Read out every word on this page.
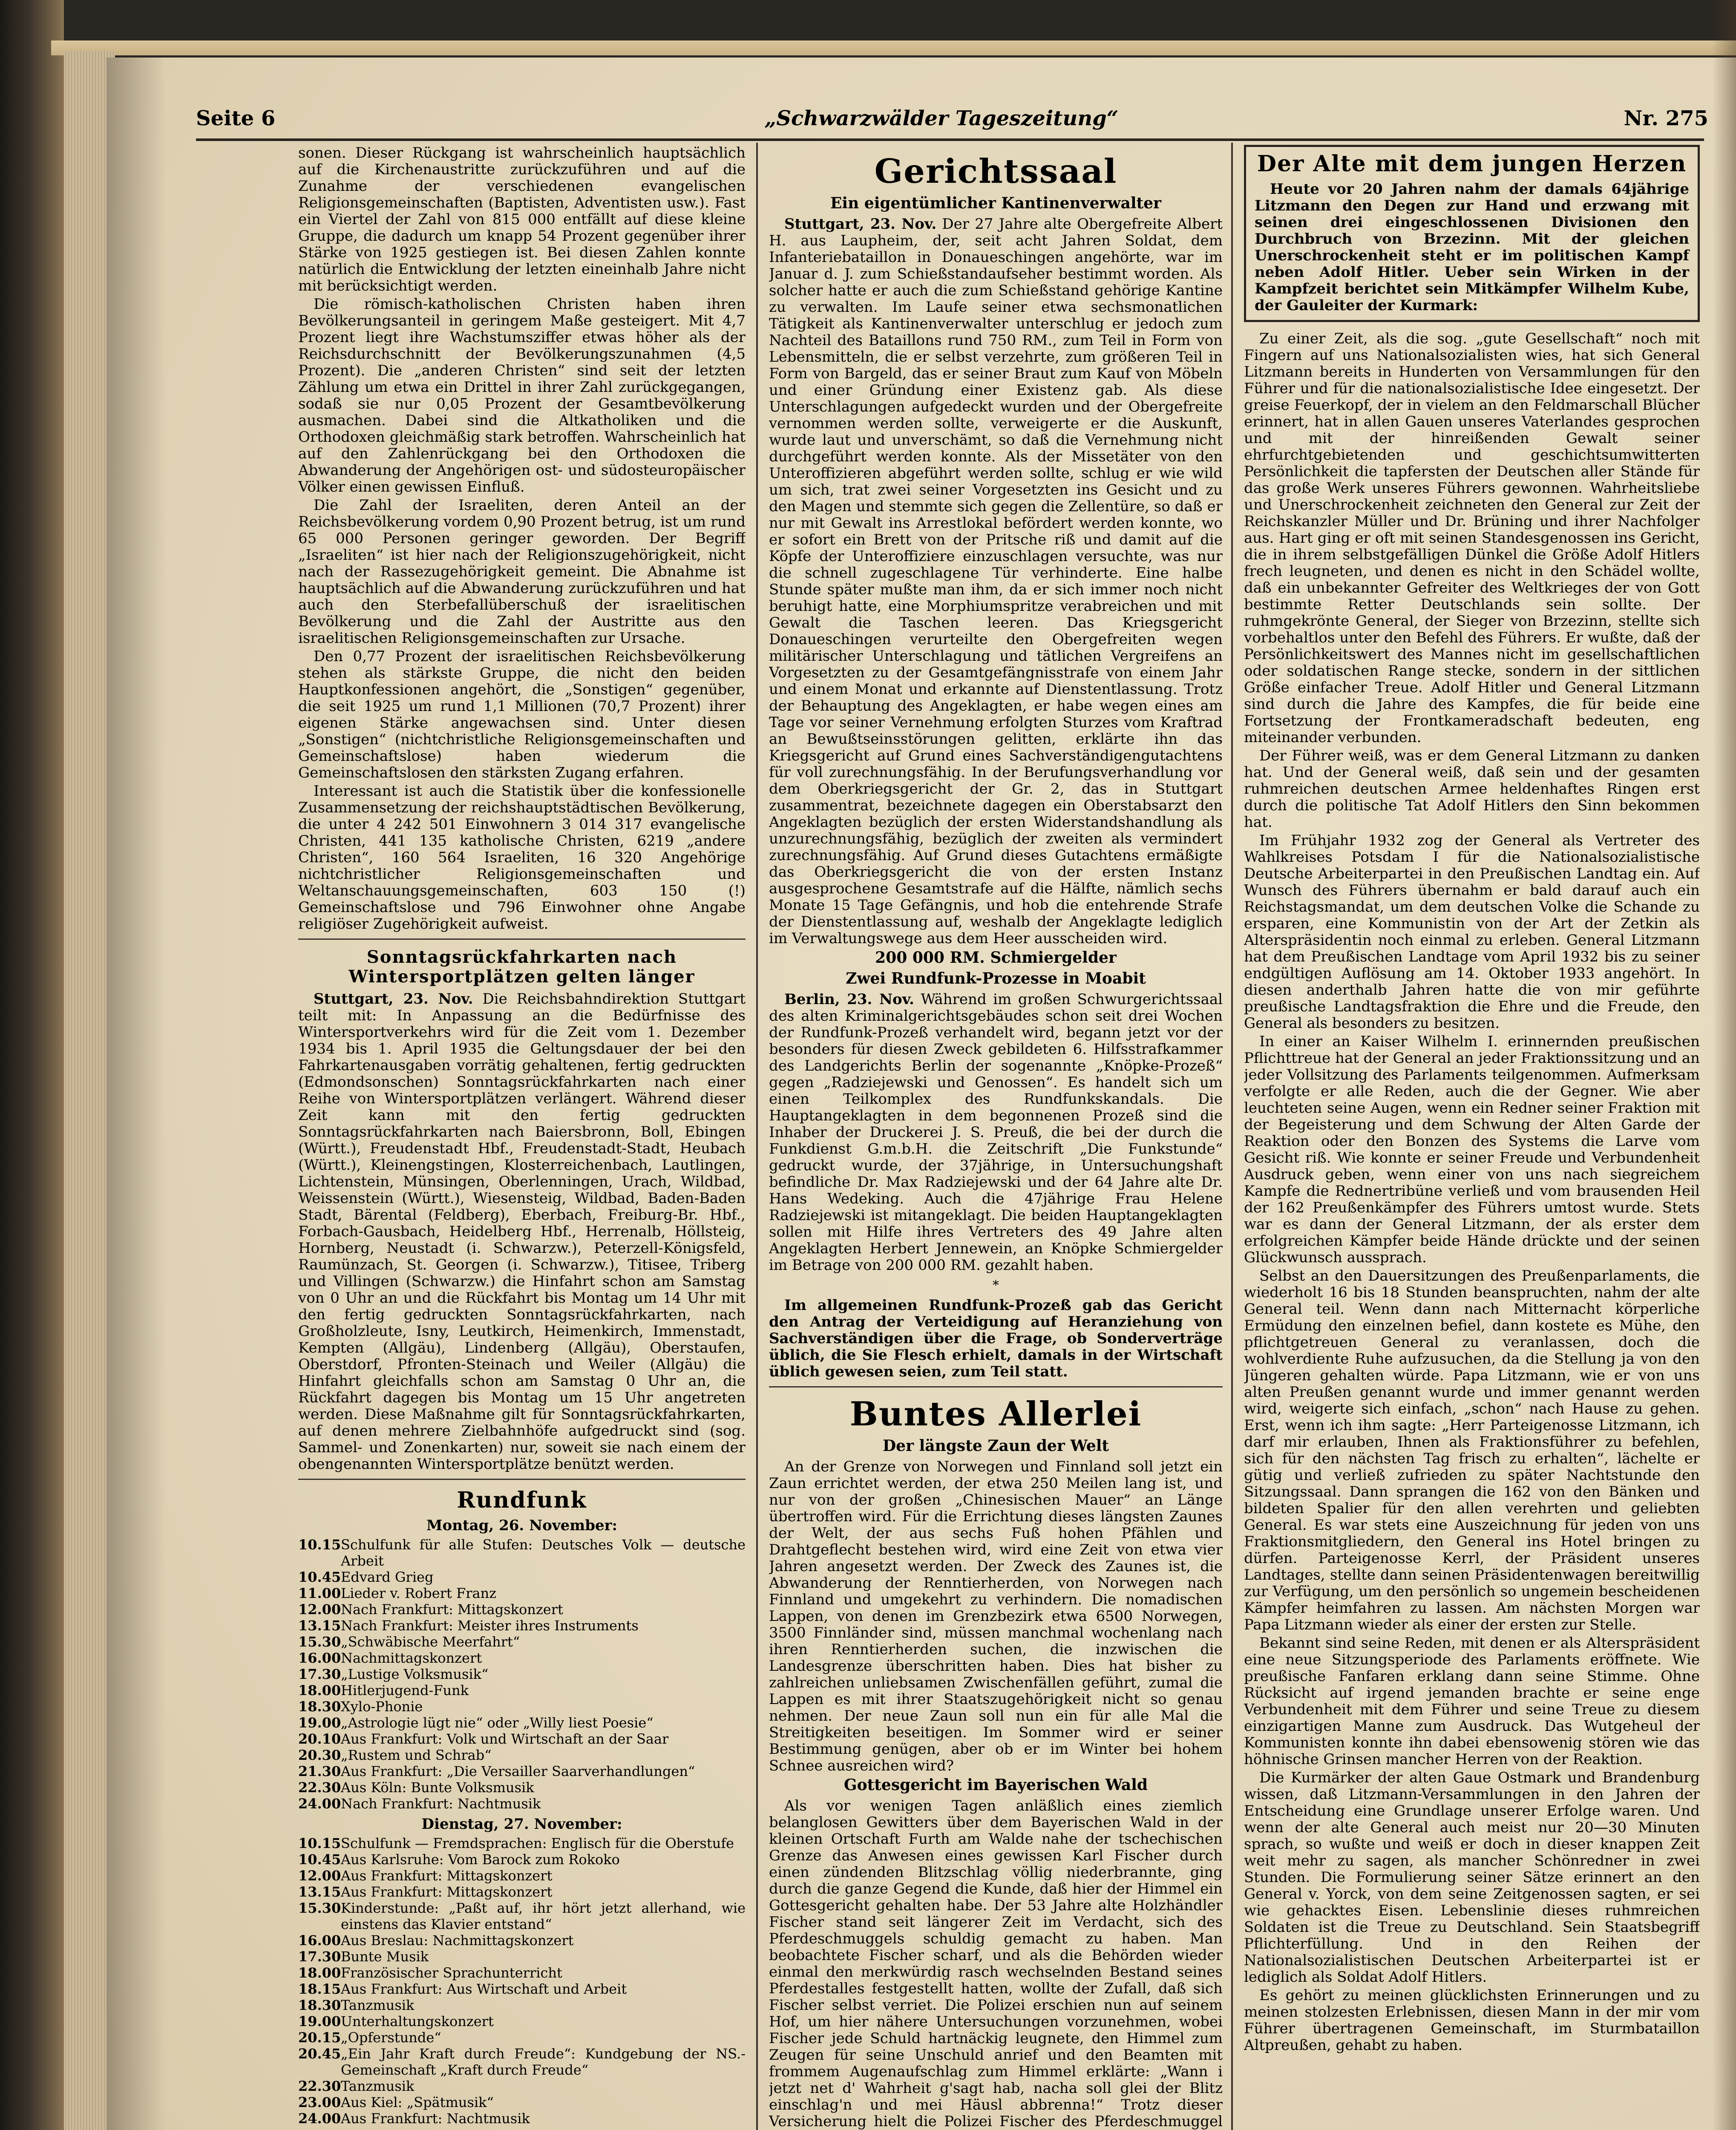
Seite 6	„Schwarzwälder Tageszeitung“	Nr. 275

sonen. Dieser Rückgang ist wahrscheinlich hauptsächlich auf die Kirchenaustritte zurückzuführen und auf die Zunahme der verschiedenen evangelischen Religionsgemeinschaften (Baptisten, Adventisten usw.). Fast ein Viertel der Zahl von 815 000 entfällt auf diese kleine Gruppe, die dadurch um knapp 54 Prozent gegenüber ihrer Stärke von 1925 gestiegen ist. Bei diesen Zahlen konnte natürlich die Entwicklung der letzten eineinhalb Jahre nicht mit berücksichtigt werden.

Die römisch-katholischen Christen haben ihren Bevölkerungsanteil in geringem Maße gesteigert. Mit 4,7 Prozent liegt ihre Wachstumsziffer etwas höher als der Reichsdurchschnitt der Bevölkerungszunahmen (4,5 Prozent). Die „anderen Christen“ sind seit der letzten Zählung um etwa ein Drittel in ihrer Zahl zurückgegangen, sodaß sie nur 0,05 Prozent der Gesamtbevölkerung ausmachen. Dabei sind die Altkatholiken und die Orthodoxen gleichmäßig stark betroffen. Wahrscheinlich hat auf den Zahlenrückgang bei den Orthodoxen die Abwanderung der Angehörigen ost- und südosteuropäischer Völker einen gewissen Einfluß.

Die Zahl der Israeliten, deren Anteil an der Reichsbevölkerung vordem 0,90 Prozent betrug, ist um rund 65 000 Personen geringer geworden. Der Begriff „Israeliten“ ist hier nach der Religionszugehörigkeit, nicht nach der Rassezugehörigkeit gemeint. Die Abnahme ist hauptsächlich auf die Abwanderung zurückzuführen und hat auch den Sterbefallüberschuß der israelitischen Bevölkerung und die Zahl der Austritte aus den israelitischen Religionsgemeinschaften zur Ursache.

Den 0,77 Prozent der israelitischen Reichsbevölkerung stehen als stärkste Gruppe, die nicht den beiden Hauptkonfessionen angehört, die „Sonstigen“ gegenüber, die seit 1925 um rund 1,1 Millionen (70,7 Prozent) ihrer eigenen Stärke angewachsen sind. Unter diesen „Sonstigen“ (nichtchristliche Religionsgemeinschaften und Gemeinschaftslose) haben wiederum die Gemeinschaftslosen den stärksten Zugang erfahren.

Interessant ist auch die Statistik über die konfessionelle Zusammensetzung der reichshauptstädtischen Bevölkerung, die unter 4 242 501 Einwohnern 3 014 317 evangelische Christen, 441 135 katholische Christen, 6219 „andere Christen“, 160 564 Israeliten, 16 320 Angehörige nichtchristlicher Religionsgemeinschaften und Weltanschauungsgemeinschaften, 603 150 (!) Gemeinschaftslose und 796 Einwohner ohne Angabe religiöser Zugehörigkeit aufweist.

Sonntagsrückfahrkarten nach Wintersportplätzen gelten länger

Stuttgart, 23. Nov. Die Reichsbahndirektion Stuttgart teilt mit: In Anpassung an die Bedürfnisse des Wintersportverkehrs wird für die Zeit vom 1. Dezember 1934 bis 1. April 1935 die Geltungsdauer der bei den Fahrkartenausgaben vorrätig gehaltenen, fertig gedruckten (Edmondsonschen) Sonntagsrückfahrkarten nach einer Reihe von Wintersportplätzen verlängert. Während dieser Zeit kann mit den fertig gedruckten Sonntagsrückfahrkarten nach Baiersbronn, Boll, Ebingen (Württ.), Freudenstadt Hbf., Freudenstadt-Stadt, Heubach (Württ.), Kleinengstingen, Klosterreichenbach, Lautlingen, Lichtenstein, Münsingen, Oberlenningen, Urach, Wildbad, Weissenstein (Württ.), Wiesensteig, Wildbad, Baden-Baden Stadt, Bärental (Feldberg), Eberbach, Freiburg-Br. Hbf., Forbach-Gausbach, Heidelberg Hbf., Herrenalb, Höllsteig, Hornberg, Neustadt (i. Schwarzw.), Peterzell-Königsfeld, Raumünzach, St. Georgen (i. Schwarzw.), Titisee, Triberg und Villingen (Schwarzw.) die Hinfahrt schon am Samstag von 0 Uhr an und die Rückfahrt bis Montag um 14 Uhr mit den fertig gedruckten Sonntagsrückfahrkarten, nach Großholzleute, Isny, Leutkirch, Heimenkirch, Immenstadt, Kempten (Allgäu), Lindenberg (Allgäu), Oberstaufen, Oberstdorf, Pfronten-Steinach und Weiler (Allgäu) die Hinfahrt gleichfalls schon am Samstag 0 Uhr an, die Rückfahrt dagegen bis Montag um 15 Uhr angetreten werden. Diese Maßnahme gilt für Sonntagsrückfahrkarten, auf denen mehrere Zielbahnhöfe aufgedruckt sind (sog. Sammel- und Zonenkarten) nur, soweit sie nach einem der obengenannten Wintersportplätze benützt werden.

Rundfunk
Montag, 26. November:
10.15 Schulfunk für alle Stufen: Deutsches Volk — deutsche Arbeit
10.45 Edvard Grieg
11.00 Lieder v. Robert Franz
12.00 Nach Frankfurt: Mittagskonzert
13.15 Nach Frankfurt: Meister ihres Instruments
15.30 „Schwäbische Meerfahrt“
16.00 Nachmittagskonzert
17.30 „Lustige Volksmusik“
18.00 Hitlerjugend-Funk
18.30 Xylo-Phonie
19.00 „Astrologie lügt nie“ oder „Willy liest Poesie“
20.10 Aus Frankfurt: Volk und Wirtschaft an der Saar
20.30 „Rustem und Schrab“
21.30 Aus Frankfurt: „Die Versailler Saarverhandlungen“
22.30 Aus Köln: Bunte Volksmusik
24.00 Nach Frankfurt: Nachtmusik
Dienstag, 27. November:
10.15 Schulfunk — Fremdsprachen: Englisch für die Oberstufe
10.45 Aus Karlsruhe: Vom Barock zum Rokoko
12.00 Aus Frankfurt: Mittagskonzert
13.15 Aus Frankfurt: Mittagskonzert
15.30 Kinderstunde: „Paßt auf, ihr hört jetzt allerhand, wie einstens das Klavier entstand“
16.00 Aus Breslau: Nachmittagskonzert
17.30 Bunte Musik
18.00 Französischer Sprachunterricht
18.15 Aus Frankfurt: Aus Wirtschaft und Arbeit
18.30 Tanzmusik
19.00 Unterhaltungskonzert
20.15 „Opferstunde“
20.45 „Ein Jahr Kraft durch Freude“: Kundgebung der NS.-Gemeinschaft „Kraft durch Freude“
22.30 Tanzmusik
23.00 Aus Kiel: „Spätmusik“
24.00 Aus Frankfurt: Nachtmusik
Gerichtssaal
Ein eigentümlicher Kantinenverwalter

Stuttgart, 23. Nov. Der 27 Jahre alte Obergefreite Albert H. aus Laupheim, der, seit acht Jahren Soldat, dem Infanteriebataillon in Donaueschingen angehörte, war im Januar d. J. zum Schießstandaufseher bestimmt worden. Als solcher hatte er auch die zum Schießstand gehörige Kantine zu verwalten. Im Laufe seiner etwa sechsmonatlichen Tätigkeit als Kantinenverwalter unterschlug er jedoch zum Nachteil des Bataillons rund 750 RM., zum Teil in Form von Lebensmitteln, die er selbst verzehrte, zum größeren Teil in Form von Bargeld, das er seiner Braut zum Kauf von Möbeln und einer Gründung einer Existenz gab. Als diese Unterschlagungen aufgedeckt wurden und der Obergefreite vernommen werden sollte, verweigerte er die Auskunft, wurde laut und unverschämt, so daß die Vernehmung nicht durchgeführt werden konnte. Als der Missetäter von den Unteroffizieren abgeführt werden sollte, schlug er wie wild um sich, trat zwei seiner Vorgesetzten ins Gesicht und zu den Magen und stemmte sich gegen die Zellentüre, so daß er nur mit Gewalt ins Arrestlokal befördert werden konnte, wo er sofort ein Brett von der Pritsche riß und damit auf die Köpfe der Unteroffiziere einzuschlagen versuchte, was nur die schnell zugeschlagene Tür verhinderte. Eine halbe Stunde später mußte man ihm, da er sich immer noch nicht beruhigt hatte, eine Morphiumspritze verabreichen und mit Gewalt die Taschen leeren. Das Kriegsgericht Donaueschingen verurteilte den Obergefreiten wegen militärischer Unterschlagung und tätlichen Vergreifens an Vorgesetzten zu der Gesamtgefängnisstrafe von einem Jahr und einem Monat und erkannte auf Dienstentlassung. Trotz der Behauptung des Angeklagten, er habe wegen eines am Tage vor seiner Vernehmung erfolgten Sturzes vom Kraftrad an Bewußtseinsstörungen gelitten, erklärte ihn das Kriegsgericht auf Grund eines Sachverständigengutachtens für voll zurechnungsfähig. In der Berufungsverhandlung vor dem Oberkriegsgericht der Gr. 2, das in Stuttgart zusammentrat, bezeichnete dagegen ein Oberstabsarzt den Angeklagten bezüglich der ersten Widerstandshandlung als unzurechnungsfähig, bezüglich der zweiten als vermindert zurechnungsfähig. Auf Grund dieses Gutachtens ermäßigte das Oberkriegsgericht die von der ersten Instanz ausgesprochene Gesamtstrafe auf die Hälfte, nämlich sechs Monate 15 Tage Gefängnis, und hob die entehrende Strafe der Dienstentlassung auf, weshalb der Angeklagte lediglich im Verwaltungswege aus dem Heer ausscheiden wird.

200 000 RM. Schmiergelder
Zwei Rundfunk-Prozesse in Moabit

Berlin, 23. Nov. Während im großen Schwurgerichtssaal des alten Kriminalgerichtsgebäudes schon seit drei Wochen der Rundfunk-Prozeß verhandelt wird, begann jetzt vor der besonders für diesen Zweck gebildeten 6. Hilfsstrafkammer des Landgerichts Berlin der sogenannte „Knöpke-Prozeß“ gegen „Radziejewski und Genossen“. Es handelt sich um einen Teilkomplex des Rundfunkskandals. Die Hauptangeklagten in dem begonnenen Prozeß sind die Inhaber der Druckerei J. S. Preuß, die bei der durch die Funkdienst G.m.b.H. die Zeitschrift „Die Funkstunde“ gedruckt wurde, der 37jährige, in Untersuchungshaft befindliche Dr. Max Radziejewski und der 64 Jahre alte Dr. Hans Wedeking. Auch die 47jährige Frau Helene Radziejewski ist mitangeklagt. Die beiden Hauptangeklagten sollen mit Hilfe ihres Vertreters des 49 Jahre alten Angeklagten Herbert Jennewein, an Knöpke Schmiergelder im Betrage von 200 000 RM. gezahlt haben.

*

Im allgemeinen Rundfunk-Prozeß gab das Gericht den Antrag der Verteidigung auf Heranziehung von Sachverständigen über die Frage, ob Sonderverträge üblich, die Sie Flesch erhielt, damals in der Wirtschaft üblich gewesen seien, zum Teil statt.

Buntes Allerlei
Der längste Zaun der Welt

An der Grenze von Norwegen und Finnland soll jetzt ein Zaun errichtet werden, der etwa 250 Meilen lang ist, und nur von der großen „Chinesischen Mauer“ an Länge übertroffen wird. Für die Errichtung dieses längsten Zaunes der Welt, der aus sechs Fuß hohen Pfählen und Drahtgeflecht bestehen wird, wird eine Zeit von etwa vier Jahren angesetzt werden. Der Zweck des Zaunes ist, die Abwanderung der Renntierherden, von Norwegen nach Finnland und umgekehrt zu verhindern. Die nomadischen Lappen, von denen im Grenzbezirk etwa 6500 Norwegen, 3500 Finnländer sind, müssen manchmal wochenlang nach ihren Renntierherden suchen, die inzwischen die Landesgrenze überschritten haben. Dies hat bisher zu zahlreichen unliebsamen Zwischenfällen geführt, zumal die Lappen es mit ihrer Staatszugehörigkeit nicht so genau nehmen. Der neue Zaun soll nun ein für alle Mal die Streitigkeiten beseitigen. Im Sommer wird er seiner Bestimmung genügen, aber ob er im Winter bei hohem Schnee ausreichen wird?

Gottesgericht im Bayerischen Wald

Als vor wenigen Tagen anläßlich eines ziemlich belanglosen Gewitters über dem Bayerischen Wald in der kleinen Ortschaft Furth am Walde nahe der tschechischen Grenze das Anwesen eines gewissen Karl Fischer durch einen zündenden Blitzschlag völlig niederbrannte, ging durch die ganze Gegend die Kunde, daß hier der Himmel ein Gottesgericht gehalten habe. Der 53 Jahre alte Holzhändler Fischer stand seit längerer Zeit im Verdacht, sich des Pferdeschmuggels schuldig gemacht zu haben. Man beobachtete Fischer scharf, und als die Behörden wieder einmal den merkwürdig rasch wechselnden Bestand seines Pferdestalles festgestellt hatten, wollte der Zufall, daß sich Fischer selbst verriet. Die Polizei erschien nun auf seinem Hof, um hier nähere Untersuchungen vorzunehmen, wobei Fischer jede Schuld hartnäckig leugnete, den Himmel zum Zeugen für seine Unschuld anrief und den Beamten mit frommem Augenaufschlag zum Himmel erklärte: „Wann i jetzt net d' Wahrheit g'sagt hab, nacha soll glei der Blitz einschlag'n und mei Häusl abbrenna!“ Trotz dieser Versicherung hielt die Polizei Fischer des Pferdeschmuggel

Der Alte mit dem jungen Herzen

Heute vor 20 Jahren nahm der damals 64jährige Litzmann den Degen zur Hand und erzwang mit seinen drei eingeschlossenen Divisionen den Durchbruch von Brzezinn. Mit der gleichen Unerschrockenheit steht er im politischen Kampf neben Adolf Hitler. Ueber sein Wirken in der Kampfzeit berichtet sein Mitkämpfer Wilhelm Kube, der Gauleiter der Kurmark:

Zu einer Zeit, als die sog. „gute Gesellschaft“ noch mit Fingern auf uns Nationalsozialisten wies, hat sich General Litzmann bereits in Hunderten von Versammlungen für den Führer und für die nationalsozialistische Idee eingesetzt. Der greise Feuerkopf, der in vielem an den Feldmarschall Blücher erinnert, hat in allen Gauen unseres Vaterlandes gesprochen und mit der hinreißenden Gewalt seiner ehrfurchtgebietenden und geschichtsumwitterten Persönlichkeit die tapfersten der Deutschen aller Stände für das große Werk unseres Führers gewonnen. Wahrheitsliebe und Unerschrockenheit zeichneten den General zur Zeit der Reichskanzler Müller und Dr. Brüning und ihrer Nachfolger aus. Hart ging er oft mit seinen Standesgenossen ins Gericht, die in ihrem selbstgefälligen Dünkel die Größe Adolf Hitlers frech leugneten, und denen es nicht in den Schädel wollte, daß ein unbekannter Gefreiter des Weltkrieges der von Gott bestimmte Retter Deutschlands sein sollte. Der ruhmgekrönte General, der Sieger von Brzezinn, stellte sich vorbehaltlos unter den Befehl des Führers. Er wußte, daß der Persönlichkeitswert des Mannes nicht im gesellschaftlichen oder soldatischen Range stecke, sondern in der sittlichen Größe einfacher Treue. Adolf Hitler und General Litzmann sind durch die Jahre des Kampfes, die für beide eine Fortsetzung der Frontkameradschaft bedeuten, eng miteinander verbunden.

Der Führer weiß, was er dem General Litzmann zu danken hat. Und der General weiß, daß sein und der gesamten ruhmreichen deutschen Armee heldenhaftes Ringen erst durch die politische Tat Adolf Hitlers den Sinn bekommen hat.

Im Frühjahr 1932 zog der General als Vertreter des Wahlkreises Potsdam I für die Nationalsozialistische Deutsche Arbeiterpartei in den Preußischen Landtag ein. Auf Wunsch des Führers übernahm er bald darauf auch ein Reichstagsmandat, um dem deutschen Volke die Schande zu ersparen, eine Kommunistin von der Art der Zetkin als Alterspräsidentin noch einmal zu erleben. General Litzmann hat dem Preußischen Landtage vom April 1932 bis zu seiner endgültigen Auflösung am 14. Oktober 1933 angehört. In diesen anderthalb Jahren hatte die von mir geführte preußische Landtagsfraktion die Ehre und die Freude, den General als besonders zu besitzen.

In einer an Kaiser Wilhelm I. erinnernden preußischen Pflichttreue hat der General an jeder Fraktionssitzung und an jeder Vollsitzung des Parlaments teilgenommen. Aufmerksam verfolgte er alle Reden, auch die der Gegner. Wie aber leuchteten seine Augen, wenn ein Redner seiner Fraktion mit der Begeisterung und dem Schwung der Alten Garde der Reaktion oder den Bonzen des Systems die Larve vom Gesicht riß. Wie konnte er seiner Freude und Verbundenheit Ausdruck geben, wenn einer von uns nach siegreichem Kampfe die Rednertribüne verließ und vom brausenden Heil der 162 Preußenkämpfer des Führers umtost wurde. Stets war es dann der General Litzmann, der als erster dem erfolgreichen Kämpfer beide Hände drückte und der seinen Glückwunsch aussprach.

Selbst an den Dauersitzungen des Preußenparlaments, die wiederholt 16 bis 18 Stunden beanspruchten, nahm der alte General teil. Wenn dann nach Mitternacht körperliche Ermüdung den einzelnen befiel, dann kostete es Mühe, den pflichtgetreuen General zu veranlassen, doch die wohlverdiente Ruhe aufzusuchen, da die Stellung ja von den Jüngeren gehalten würde. Papa Litzmann, wie er von uns alten Preußen genannt wurde und immer genannt werden wird, weigerte sich einfach, „schon“ nach Hause zu gehen. Erst, wenn ich ihm sagte: „Herr Parteigenosse Litzmann, ich darf mir erlauben, Ihnen als Fraktionsführer zu befehlen, sich für den nächsten Tag frisch zu erhalten“, lächelte er gütig und verließ zufrieden zu später Nachtstunde den Sitzungssaal. Dann sprangen die 162 von den Bänken und bildeten Spalier für den allen verehrten und geliebten General. Es war stets eine Auszeichnung für jeden von uns Fraktionsmitgliedern, den General ins Hotel bringen zu dürfen. Parteigenosse Kerrl, der Präsident unseres Landtages, stellte dann seinen Präsidentenwagen bereitwillig zur Verfügung, um den persönlich so ungemein bescheidenen Kämpfer heimfahren zu lassen. Am nächsten Morgen war Papa Litzmann wieder als einer der ersten zur Stelle.

Bekannt sind seine Reden, mit denen er als Alterspräsident eine neue Sitzungsperiode des Parlaments eröffnete. Wie preußische Fanfaren erklang dann seine Stimme. Ohne Rücksicht auf irgend jemanden brachte er seine enge Verbundenheit mit dem Führer und seine Treue zu diesem einzigartigen Manne zum Ausdruck. Das Wutgeheul der Kommunisten konnte ihn dabei ebensowenig stören wie das höhnische Grinsen mancher Herren von der Reaktion.

Die Kurmärker der alten Gaue Ostmark und Brandenburg wissen, daß Litzmann-Versammlungen in den Jahren der Entscheidung eine Grundlage unserer Erfolge waren. Und wenn der alte General auch meist nur 20—30 Minuten sprach, so wußte und weiß er doch in dieser knappen Zeit weit mehr zu sagen, als mancher Schönredner in zwei Stunden. Die Formulierung seiner Sätze erinnert an den General v. Yorck, von dem seine Zeitgenossen sagten, er sei wie gehacktes Eisen. Lebenslinie dieses ruhmreichen Soldaten ist die Treue zu Deutschland. Sein Staatsbegriff Pflichterfüllung. Und in den Reihen der Nationalsozialistischen Deutschen Arbeiterpartei ist er lediglich als Soldat Adolf Hitlers.

Es gehört zu meinen glücklichsten Erinnerungen und zu meinen stolzesten Erlebnissen, diesen Mann in der mir vom Führer übertragenen Gemeinschaft, im Sturmbataillon Altpreußen, gehabt zu haben.
